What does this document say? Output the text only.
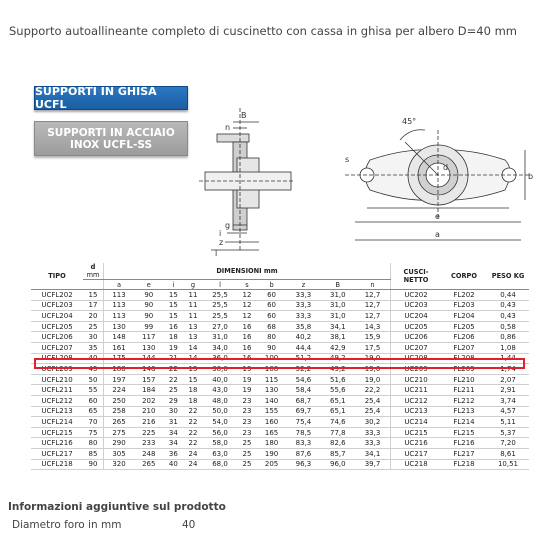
Supporto autoallineante completo di cuscinetto con cassa in ghisa per albero D=40 mm
SUPPORTI IN GHISA UCFL
SUPPORTI IN ACCIAIO
INOX UCFL-SS
B
n
g
i
z
l
45°
s
b
d
e
a
TIPO	d
mm	DIMENSIONI mm										CUSCI-
NETTO	CORPO	PESO KG
		a	e	i	g	l	s	b	z	B	n			
UCFL202	15	113	90	15	11	25,5	12	60	33,3	31,0	12,7	UC202	FL202	0,44
UCFL203	17	113	90	15	11	25,5	12	60	33,3	31,0	12,7	UC203	FL203	0,43
UCFL204	20	113	90	15	11	25,5	12	60	33,3	31,0	12,7	UC204	FL204	0,43
UCFL205	25	130	99	16	13	27,0	16	68	35,8	34,1	14,3	UC205	FL205	0,58
UCFL206	30	148	117	18	13	31,0	16	80	40,2	38,1	15,9	UC206	FL206	0,86
UCFL207	35	161	130	19	14	34,0	16	90	44,4	42,9	17,5	UC207	FL207	1,08
UCFL208	40	175	144	21	14	36,0	16	100	51,2	49,2	19,0	UC208	FL208	1,44
UCFL209	45	188	148	22	15	38,0	19	108	52,2	49,2	19,0	UC209	FL209	1,74
UCFL210	50	197	157	22	15	40,0	19	115	54,6	51,6	19,0	UC210	FL210	2,07
UCFL211	55	224	184	25	18	43,0	19	130	58,4	55,6	22,2	UC211	FL211	2,91
UCFL212	60	250	202	29	18	48,0	23	140	68,7	65,1	25,4	UC212	FL212	3,74
UCFL213	65	258	210	30	22	50,0	23	155	69,7	65,1	25,4	UC213	FL213	4,57
UCFL214	70	265	216	31	22	54,0	23	160	75,4	74,6	30,2	UC214	FL214	5,11
UCFL215	75	275	225	34	22	56,0	23	165	78,5	77,8	33,3	UC215	FL215	5,37
UCFL216	80	290	233	34	22	58,0	25	180	83,3	82,6	33,3	UC216	FL216	7,20
UCFL217	85	305	248	36	24	63,0	25	190	87,6	85,7	34,1	UC217	FL217	8,61
UCFL218	90	320	265	40	24	68,0	25	205	96,3	96,0	39,7	UC218	FL218	10,51
Informazioni aggiuntive sul prodotto
Diametro foro in mm	40
